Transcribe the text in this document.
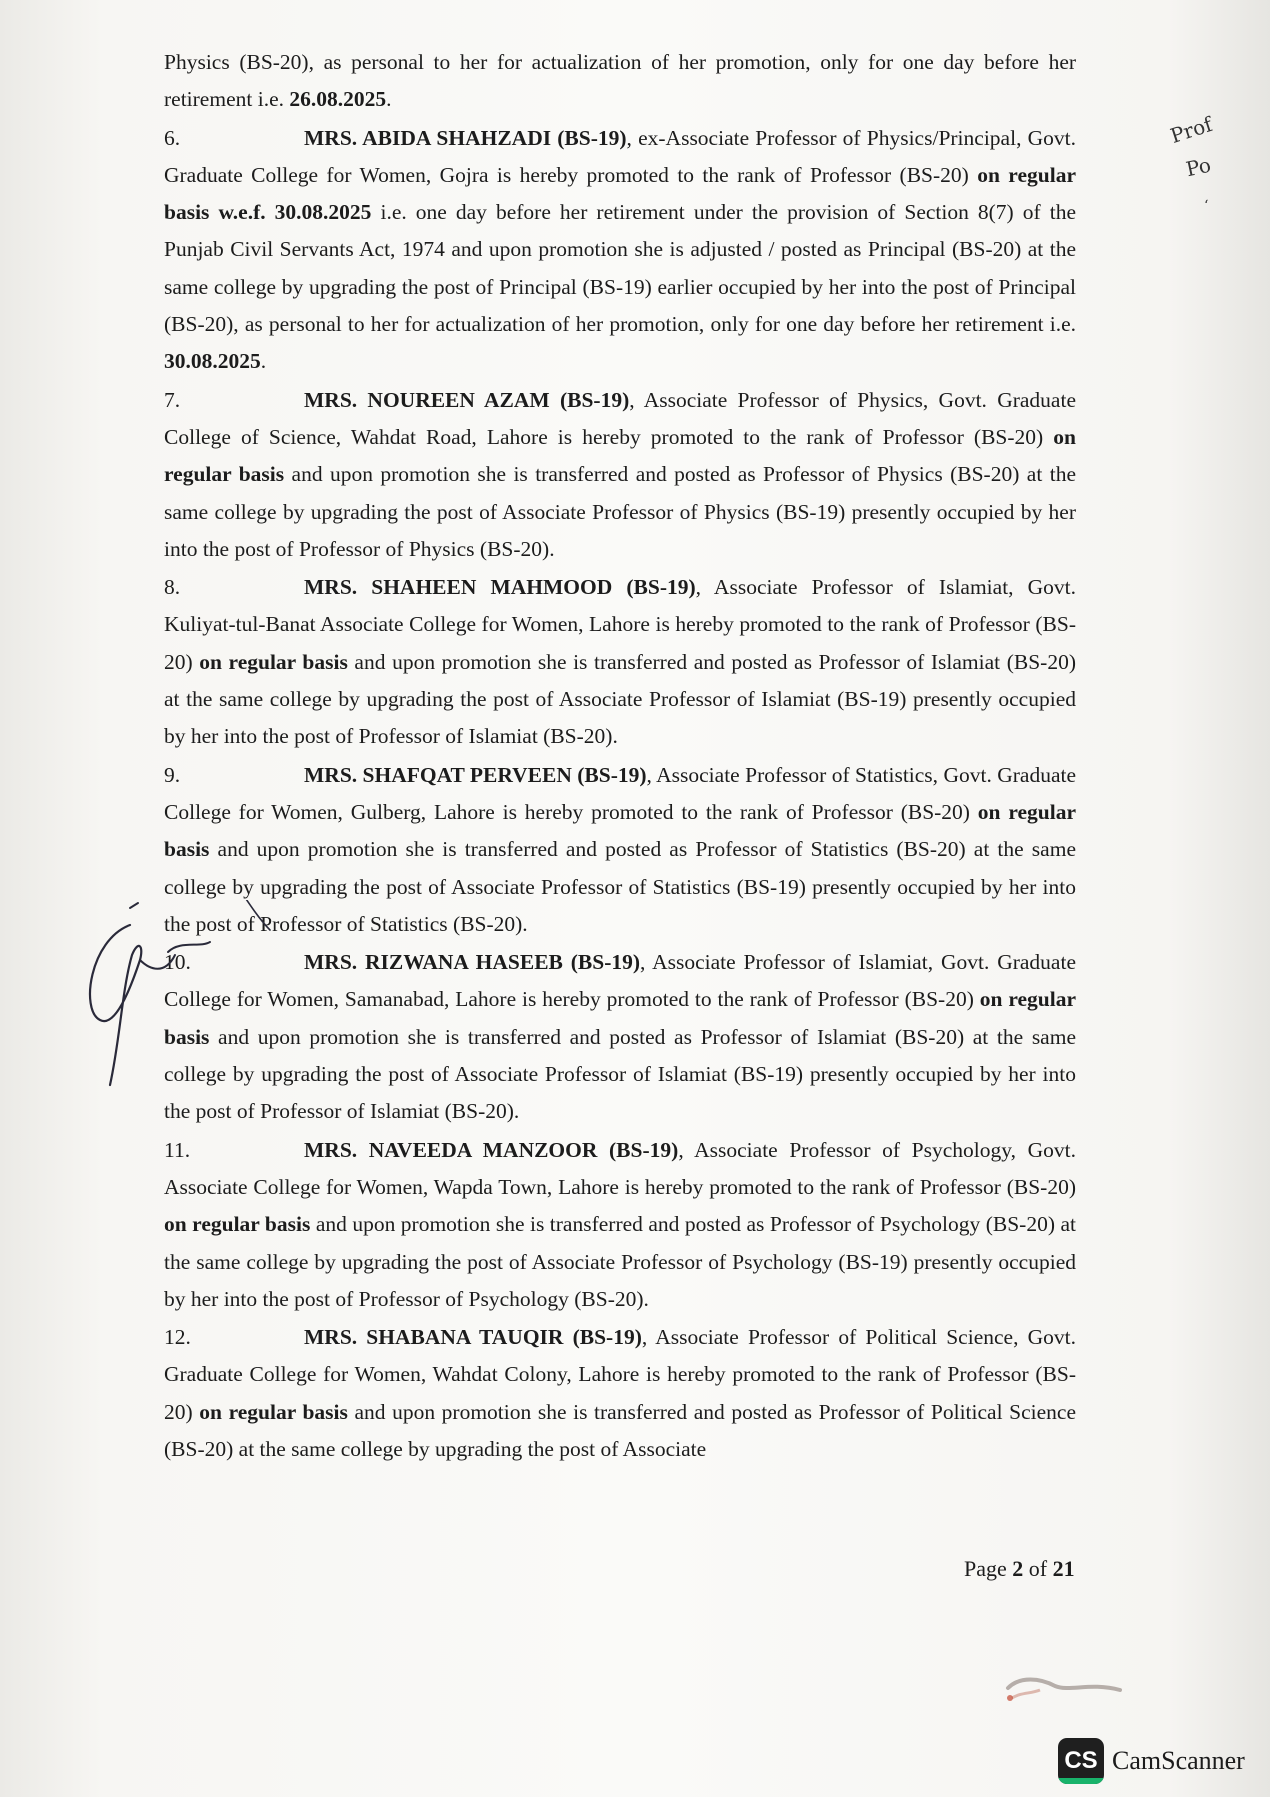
Physics (BS-20), as personal to her for actualization of her promotion, only for one day before her retirement i.e. 26.08.2025.

6.	MRS. ABIDA SHAHZADI (BS-19), ex-Associate Professor of Physics/Principal, Govt. Graduate College for Women, Gojra is hereby promoted to the rank of Professor (BS-20) on regular basis w.e.f. 30.08.2025 i.e. one day before her retirement under the provision of Section 8(7) of the Punjab Civil Servants Act, 1974 and upon promotion she is adjusted / posted as Principal (BS-20) at the same college by upgrading the post of Principal (BS-19) earlier occupied by her into the post of Principal (BS-20), as personal to her for actualization of her promotion, only for one day before her retirement i.e. 30.08.2025.

7.	MRS. NOUREEN AZAM (BS-19), Associate Professor of Physics, Govt. Graduate College of Science, Wahdat Road, Lahore is hereby promoted to the rank of Professor (BS-20) on regular basis and upon promotion she is transferred and posted as Professor of Physics (BS-20) at the same college by upgrading the post of Associate Professor of Physics (BS-19) presently occupied by her into the post of Professor of Physics (BS-20).

8.	MRS. SHAHEEN MAHMOOD (BS-19), Associate Professor of Islamiat, Govt. Kuliyat-tul-Banat Associate College for Women, Lahore is hereby promoted to the rank of Professor (BS-20) on regular basis and upon promotion she is transferred and posted as Professor of Islamiat (BS-20) at the same college by upgrading the post of Associate Professor of Islamiat (BS-19) presently occupied by her into the post of Professor of Islamiat (BS-20).

9.	MRS. SHAFQAT PERVEEN (BS-19), Associate Professor of Statistics, Govt. Graduate College for Women, Gulberg, Lahore is hereby promoted to the rank of Professor (BS-20) on regular basis and upon promotion she is transferred and posted as Professor of Statistics (BS-20) at the same college by upgrading the post of Associate Professor of Statistics (BS-19) presently occupied by her into the post of Professor of Statistics (BS-20).

10.	MRS. RIZWANA HASEEB (BS-19), Associate Professor of Islamiat, Govt. Graduate College for Women, Samanabad, Lahore is hereby promoted to the rank of Professor (BS-20) on regular basis and upon promotion she is transferred and posted as Professor of Islamiat (BS-20) at the same college by upgrading the post of Associate Professor of Islamiat (BS-19) presently occupied by her into the post of Professor of Islamiat (BS-20).

11.	MRS. NAVEEDA MANZOOR (BS-19), Associate Professor of Psychology, Govt. Associate College for Women, Wapda Town, Lahore is hereby promoted to the rank of Professor (BS-20) on regular basis and upon promotion she is transferred and posted as Professor of Psychology (BS-20) at the same college by upgrading the post of Associate Professor of Psychology (BS-19) presently occupied by her into the post of Professor of Psychology (BS-20).

12.	MRS. SHABANA TAUQIR (BS-19), Associate Professor of Political Science, Govt. Graduate College for Women, Wahdat Colony, Lahore is hereby promoted to the rank of Professor (BS-20) on regular basis and upon promotion she is transferred and posted as Professor of Political Science (BS-20) at the same college by upgrading the post of Associate

Page 2 of 21
Prof
Po
ʻ
CS CamScanner
